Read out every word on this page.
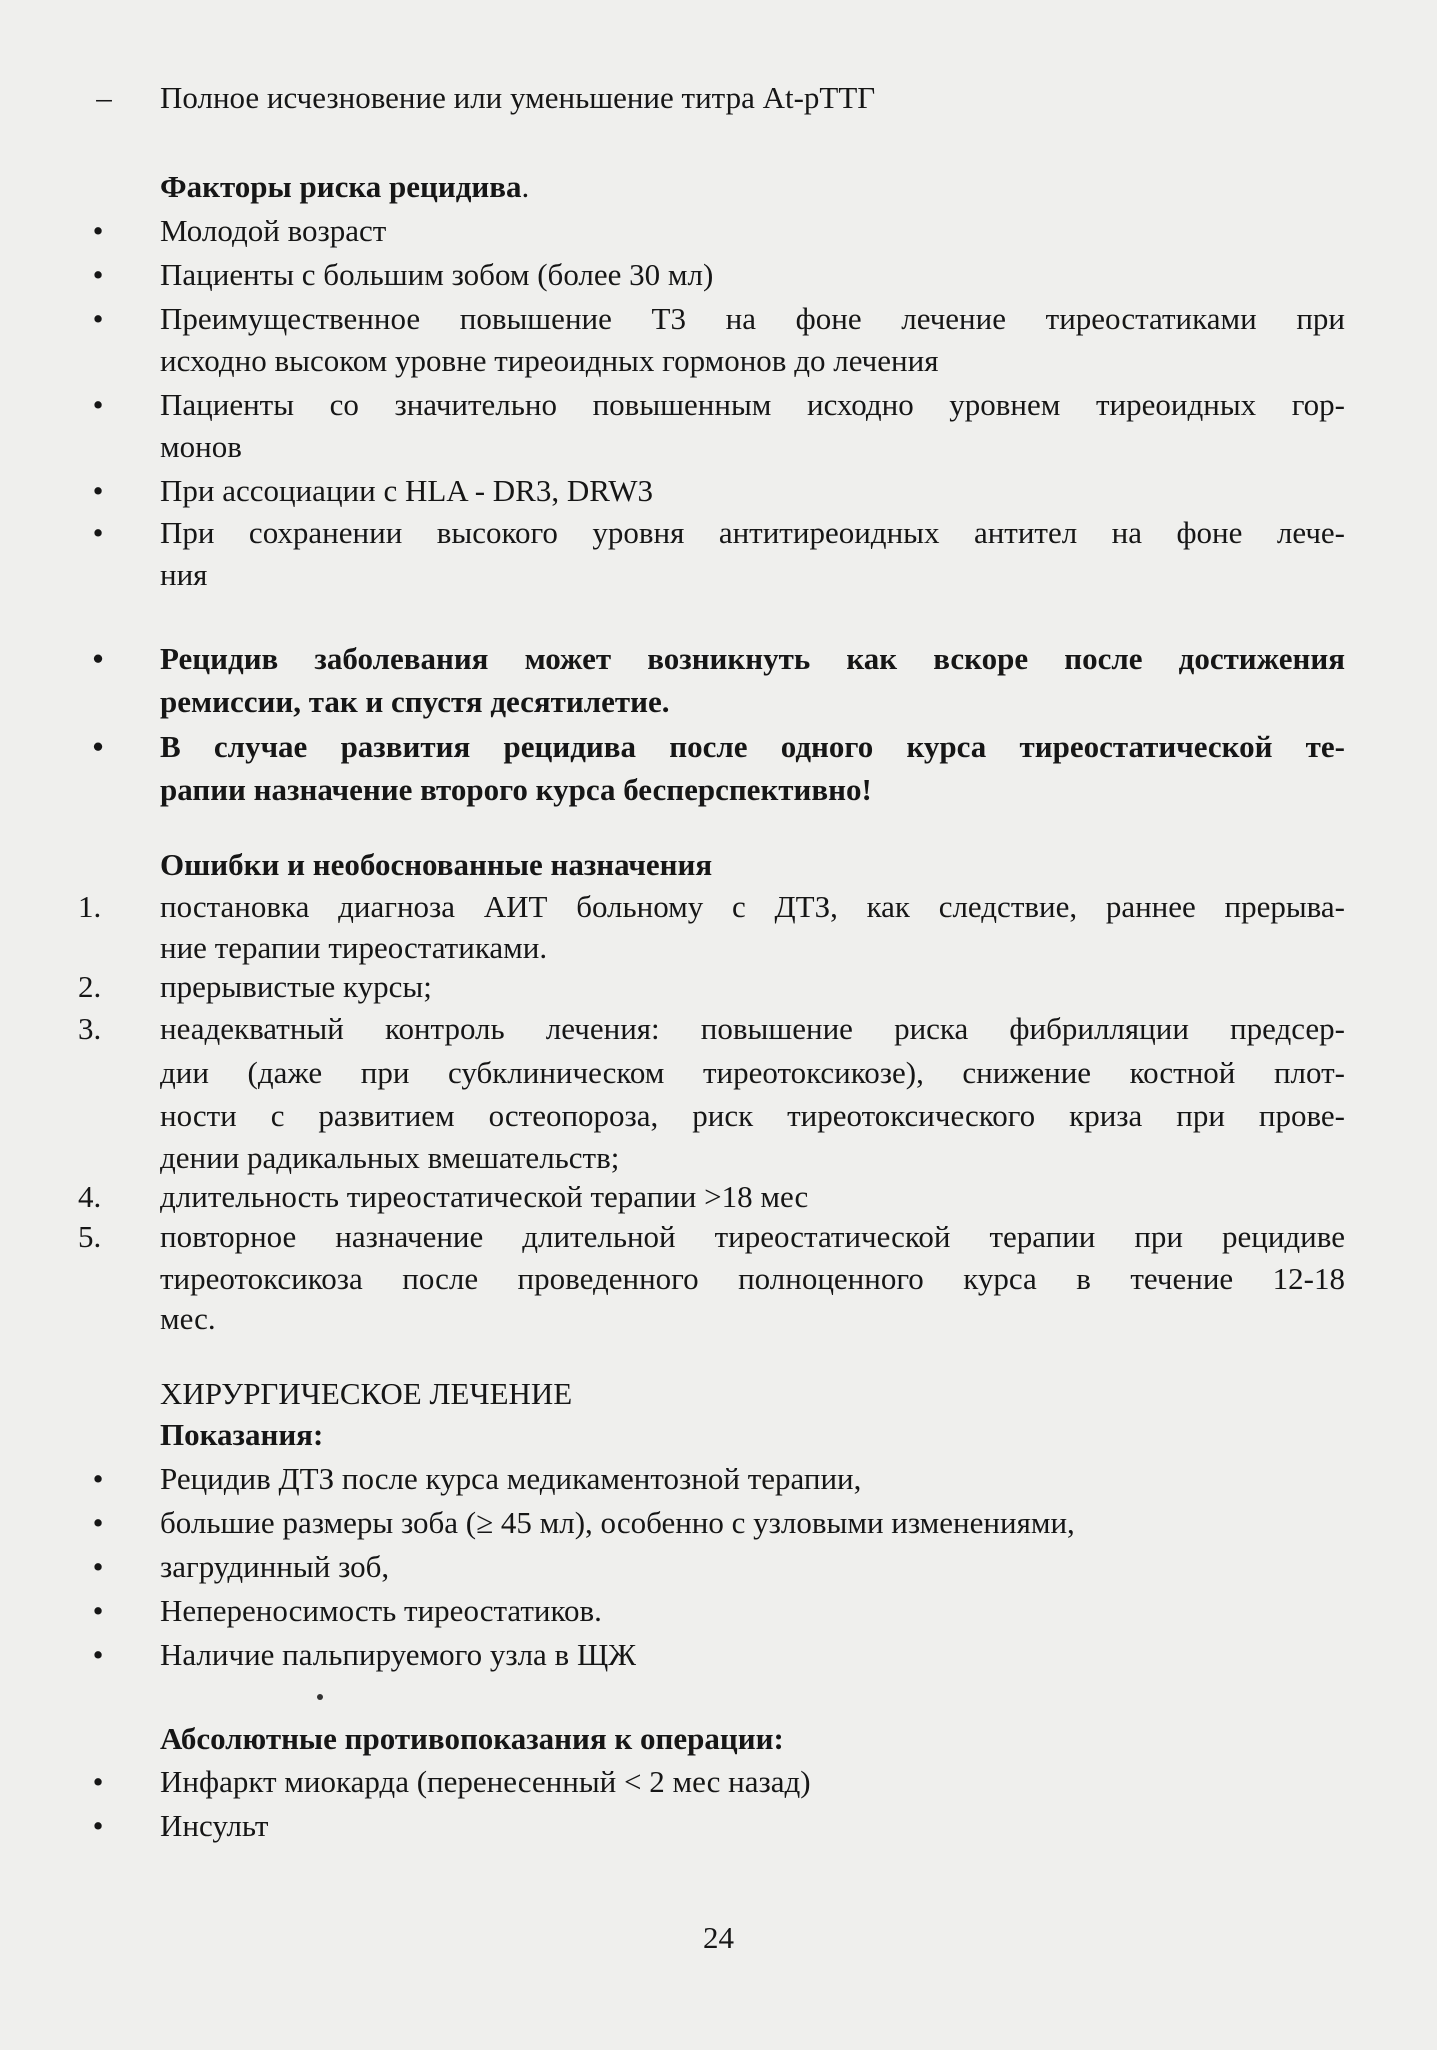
–	Полное исчезновение или уменьшение титра At-рТТГ
Факторы риска рецидива.
•	Молодой возраст
•	Пациенты с большим зобом (более 30 мл)
•	Преимущественное повышение Т3 на фоне лечение тиреостатиками при
исходно высоком уровне тиреоидных гормонов до лечения
•	Пациенты со значительно повышенным исходно уровнем тиреоидных гор-
монов
•	При ассоциации с HLA - DR3, DRW3
•	При сохранении высокого уровня антитиреоидных антител на фоне лече-
ния
•	Рецидив заболевания может возникнуть как вскоре после достижения
ремиссии, так и спустя десятилетие.
•	В случае развития рецидива после одного курса тиреостатической те-
рапии назначение второго курса бесперспективно!
Ошибки и необоснованные назначения
1.	постановка диагноза АИТ больному с ДТЗ, как следствие, раннее прерыва-
ние терапии тиреостатиками.
2.	прерывистые курсы;
3.	неадекватный контроль лечения: повышение риска фибрилляции предсер-
дии (даже при субклиническом тиреотоксикозе), снижение костной плот-
ности с развитием остеопороза, риск тиреотоксического криза при прове-
дении радикальных вмешательств;
4.	длительность тиреостатической терапии >18 мес
5.	повторное назначение длительной тиреостатической терапии при рецидиве
тиреотоксикоза после проведенного полноценного курса в течение 12-18
мес.
ХИРУРГИЧЕСКОЕ ЛЕЧЕНИЕ
Показания:
•	Рецидив ДТЗ после курса медикаментозной терапии,
•	большие размеры зоба (≥ 45 мл), особенно с узловыми изменениями,
•	загрудинный зоб,
•	Непереносимость тиреостатиков.
•	Наличие пальпируемого узла в ЩЖ
Абсолютные противопоказания к операции:
•	Инфаркт миокарда (перенесенный < 2 мес назад)
•	Инсульт
24
